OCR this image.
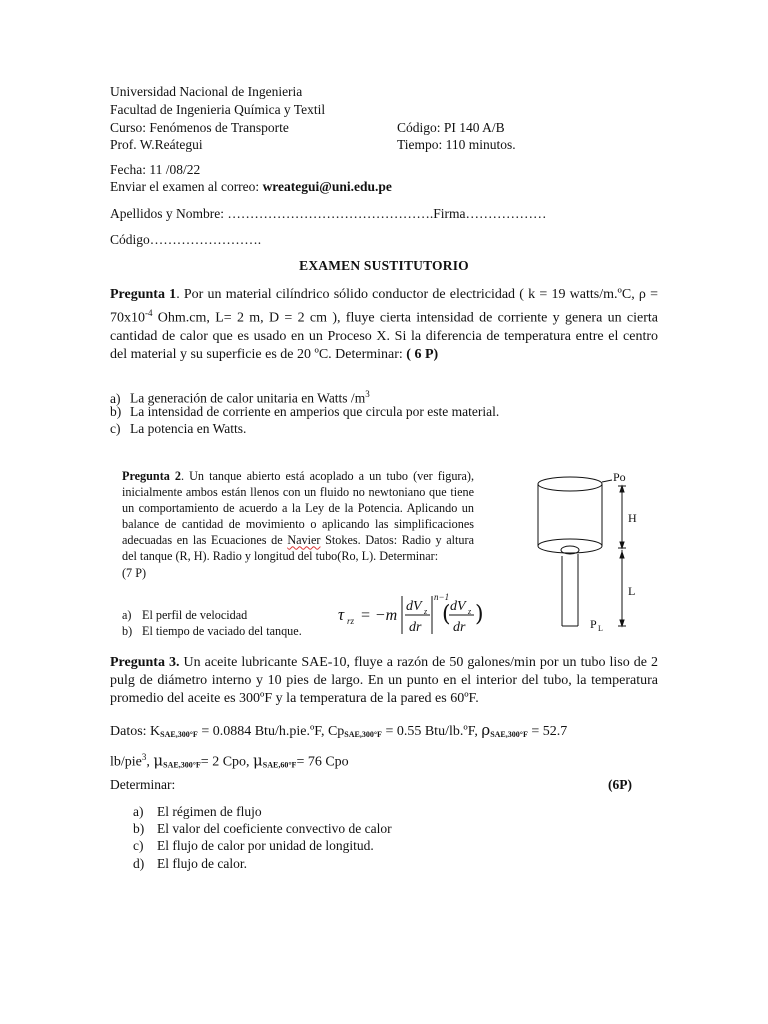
Universidad Nacional de Ingenieria
Facultad de Ingenieria Química y Textil
Curso: Fenómenos de Transporte	Código: PI 140 A/B
Prof. W.Reátegui	Tiempo: 110 minutos.
Fecha: 11 /08/22
Enviar el examen al correo: wreategui@uni.edu.pe
Apellidos y Nombre: ……………………………………….Firma………………
Código…………………….
EXAMEN SUSTITUTORIO
Pregunta 1. Por un material cilíndrico sólido conductor de electricidad ( k = 19 watts/m.ºC, $\rho = 70x10^{-4}$ Ohm.cm, L= 2 m, D = 2 cm ), fluye cierta intensidad de corriente y genera un cierta cantidad de calor que es usado en un Proceso X. Si la diferencia de temperatura entre el centro del material y su superficie es de 20 ºC. Determinar: ( 6 P)
a) La generación de calor unitaria en Watts $/m^3$
b) La intensidad de corriente en amperios que circula por este material.
c) La potencia en Watts.
Pregunta 2. Un tanque abierto está acoplado a un tubo (ver figura), inicialmente ambos están llenos con un fluido no newtoniano que tiene un comportamiento de acuerdo a la Ley de la Potencia. Aplicando un balance de cantidad de movimiento o aplicando las simplificaciones adecuadas en las Ecuaciones de Navier Stokes. Datos: Radio y altura del tanque (R, H). Radio y longitud del tubo(Ro, L). Determinar:
(7 P)
a) El perfil de velocidad
b) El tiempo de vaciado del tanque.
τ rz = −m
dV z
dr
n−1
( dV z
dr
)
Po
H
L
P L
Pregunta 3. Un aceite lubricante SAE-10, fluye a razón de 50 galones/min por un tubo liso de 2 pulg de diámetro interno y 10 pies de largo. En un punto en el interior del tubo, la temperatura promedio del aceite es 300ºF y la temperatura de la pared es 60ºF.
Datos: $K_{SAE,300^\circ F} = 0.0884$ Btu/h.pie.ºF, $Cp_{SAE,300^\circ F} = 0.55$ Btu/lb.ºF, $\rho_{SAE,300^\circ F} = 52.7$
lb/pie$^3$, $\mu_{SAE,300^\circ F}= 2$ Cpo, $\mu_{SAE,60^\circ F}= 76$ Cpo
Determinar:	(6P)
a) El régimen de flujo
b) El valor del coeficiente convectivo de calor
c) El flujo de calor por unidad de longitud.
d) El flujo de calor.
